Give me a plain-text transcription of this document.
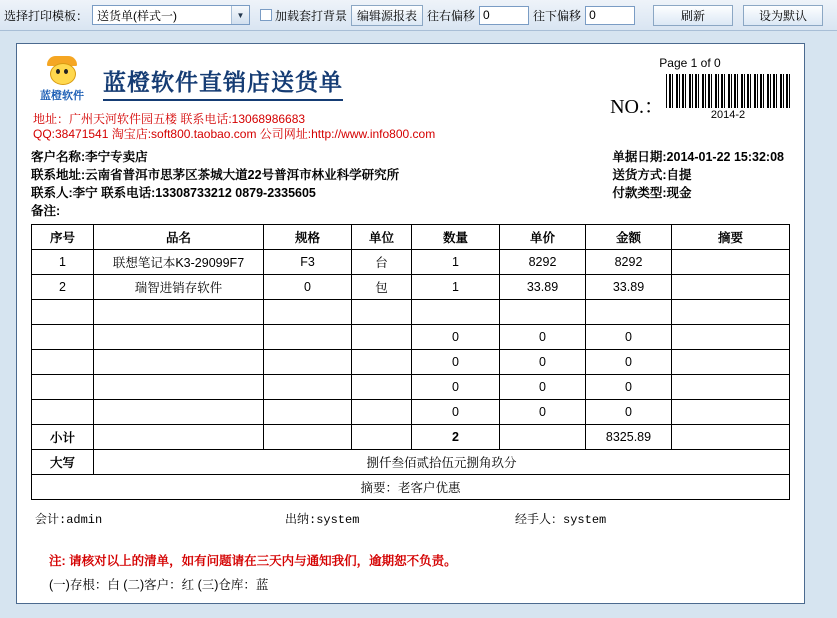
选择打印模板： 送货单(样式一)	▼	加载套打背景 编辑源报表 往右偏移 0	往下偏移 0	刷新	设为默认
蓝橙软件
蓝橙软件直销店送货单
Page 1 of 0
NO.：	2014-2
地址：广州天河软件园五楼 联系电话:13068986683
QQ:38471541 淘宝店:soft800.taobao.com 公司网址:http://www.info800.com
客户名称:李宁专卖店
联系地址:云南省普洱市思茅区茶城大道22号普洱市林业科学研究所
联系人:李宁 联系电话:13308733212 0879-2335605
备注:
单据日期:2014-01-22 15:32:08
送货方式:自提
付款类型:现金
序号	品名	规格	单位	数量	单价	金额	摘要
1	联想笔记本K3-29099F7	F3	台	1	8292	8292	
2	瑞智进销存软件	0	包	1	33.89	33.89	

				0	0	0	
				0	0	0	
				0	0	0	
				0	0	0	
小计				2		8325.89	
大写	捌仟叁佰贰拾伍元捌角玖分						
摘要：老客户优惠							
会计:admin	出纳:system	经手人：system
注: 请核对以上的清单，如有问题请在三天内与通知我们，逾期恕不负责。
(一)存根：白 (二)客户：红 (三)仓库：蓝
